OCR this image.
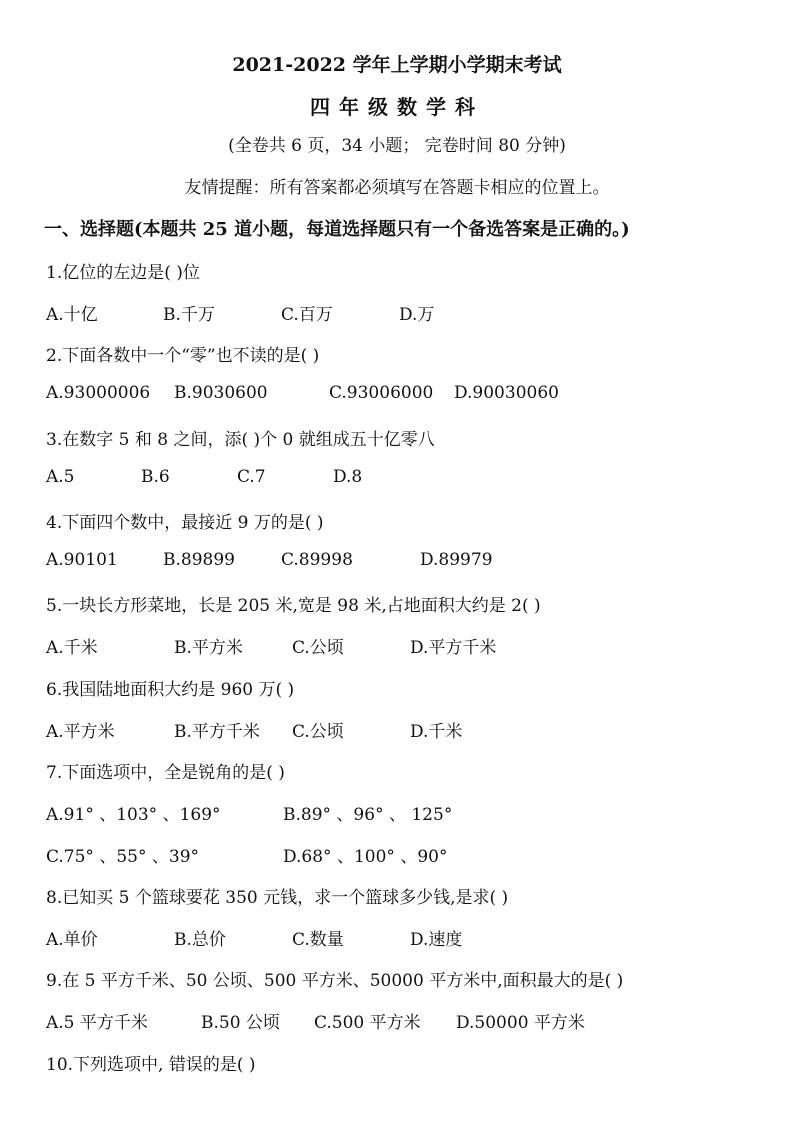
2021-2022 学年上学期小学期末考试
四年级数学科
(全卷共 6 页，34 小题； 完卷时间 80 分钟)
友情提醒：所有答案都必须填写在答题卡相应的位置上。
一、选择题(本题共 25 道小题，每道选择题只有一个备选答案是正确的。)
1.亿位的左边是( )位
A.十亿	B.千万	C.百万	D.万
2.下面各数中一个“零”也不读的是( )
A.93000006 B.9030600	C.93006000 D.90030060
3.在数字 5 和 8 之间，添( )个 0 就组成五十亿零八
A.5	B.6	C.7	D.8
4.下面四个数中，最接近 9 万的是( )
A.90101	B.89899	C.89998	D.89979
5.一块长方形菜地，长是 205 米,宽是 98 米,占地面积大约是 2( )
A.千米	B.平方米	C.公顷	D.平方千米
6.我国陆地面积大约是 960 万( )
A.平方米	B.平方千米 C.公顷	D.千米
7.下面选项中，全是锐角的是( )
A.91° 、103° 、169°	B.89° 、96° 、 125°
C.75° 、55° 、39°	D.68° 、100° 、90°
8.已知买 5 个篮球要花 350 元钱，求一个篮球多少钱,是求( )
A.单价	B.总价	C.数量	D.速度
9.在 5 平方千米、50 公顷、500 平方米、50000 平方米中,面积最大的是( )
A.5 平方千米	B.50 公顷 C.500 平方米 D.50000 平方米
10.下列选项中, 错误的是( )
